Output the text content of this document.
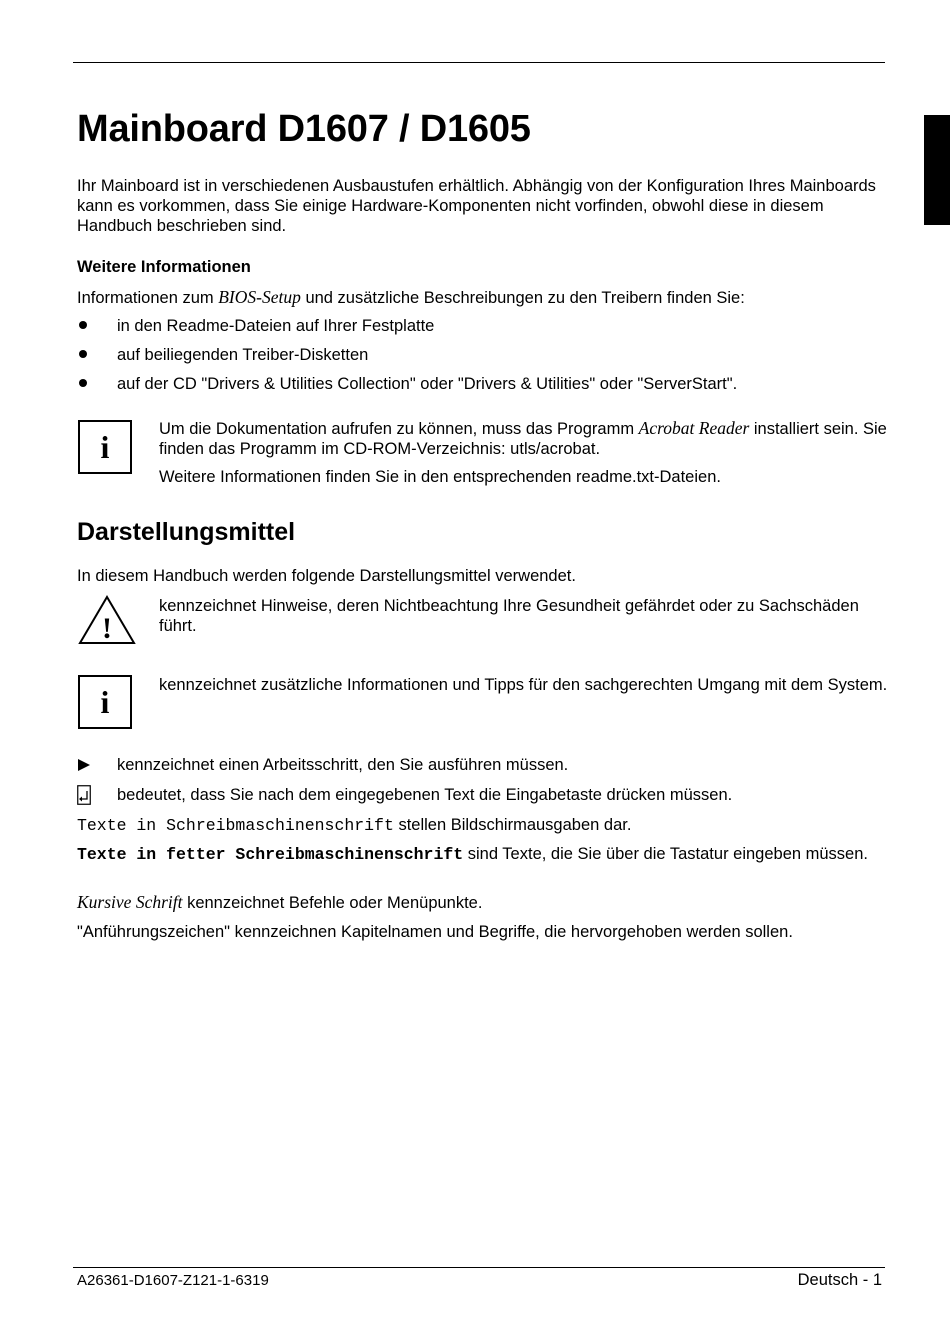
Mainboard D1607 / D1605
Ihr Mainboard ist in verschiedenen Ausbaustufen erhältlich. Abhängig von der Konfiguration Ihres Mainboards kann es vorkommen, dass Sie einige Hardware-Komponenten nicht vorfinden, obwohl diese in diesem Handbuch beschrieben sind.
Weitere Informationen
Informationen zum BIOS-Setup und zusätzliche Beschreibungen zu den Treibern finden Sie:
in den Readme-Dateien auf Ihrer Festplatte
auf beiliegenden Treiber-Disketten
auf der CD "Drivers & Utilities Collection" oder "Drivers & Utilities" oder "ServerStart".
i	Um die Dokumentation aufrufen zu können, muss das Programm Acrobat Reader installiert sein. Sie finden das Programm im CD-ROM-Verzeichnis: utls/acrobat.
Weitere Informationen finden Sie in den entsprechenden readme.txt-Dateien.
Darstellungsmittel
In diesem Handbuch werden folgende Darstellungsmittel verwendet.
!
kennzeichnet Hinweise, deren Nichtbeachtung Ihre Gesundheit gefährdet oder zu Sachschäden führt.
i	kennzeichnet zusätzliche Informationen und Tipps für den sachgerechten Umgang mit dem System.
kennzeichnet einen Arbeitsschritt, den Sie ausführen müssen.
bedeutet, dass Sie nach dem eingegebenen Text die Eingabetaste drücken müssen.
Texte in Schreibmaschinenschrift stellen Bildschirmausgaben dar.
Texte in fetter Schreibmaschinenschrift sind Texte, die Sie über die Tastatur eingeben müssen.
Kursive Schrift kennzeichnet Befehle oder Menüpunkte.
"Anführungszeichen" kennzeichnen Kapitelnamen und Begriffe, die hervorgehoben werden sollen.
A26361-D1607-Z121-1-6319	Deutsch - 1
